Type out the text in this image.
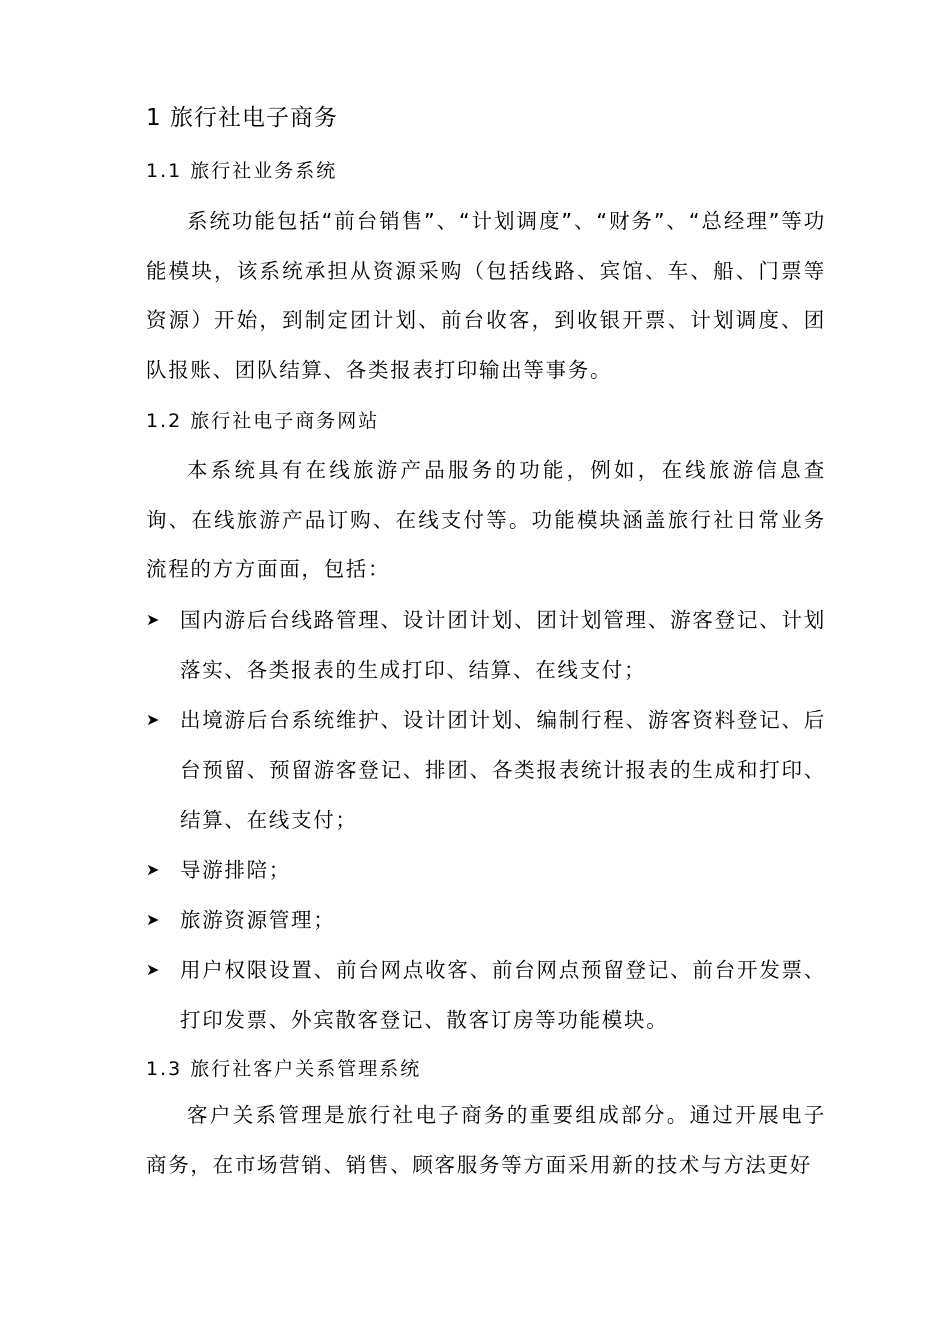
1 旅行社电子商务
1.1 旅行社业务系统

系统功能包括“前台销售”、“计划调度”、“财务”、“总经理”等功能模块，该系统承担从资源采购（包括线路、宾馆、车、船、门票等资源）开始，到制定团计划、前台收客，到收银开票、计划调度、团队报账、团队结算、各类报表打印输出等事务。

1.2 旅行社电子商务网站

本系统具有在线旅游产品服务的功能，例如，在线旅游信息查询、在线旅游产品订购、在线支付等。功能模块涵盖旅行社日常业务流程的方方面面，包括：

➤ 国内游后台线路管理、设计团计划、团计划管理、游客登记、计划落实、各类报表的生成打印、结算、在线支付；
➤ 出境游后台系统维护、设计团计划、编制行程、游客资料登记、后台预留、预留游客登记、排团、各类报表统计报表的生成和打印、结算、在线支付；
➤ 导游排陪；
➤ 旅游资源管理；
➤ 用户权限设置、前台网点收客、前台网点预留登记、前台开发票、打印发票、外宾散客登记、散客订房等功能模块。
1.3 旅行社客户关系管理系统

客户关系管理是旅行社电子商务的重要组成部分。通过开展电子商务，在市场营销、销售、顾客服务等方面采用新的技术与方法更好
